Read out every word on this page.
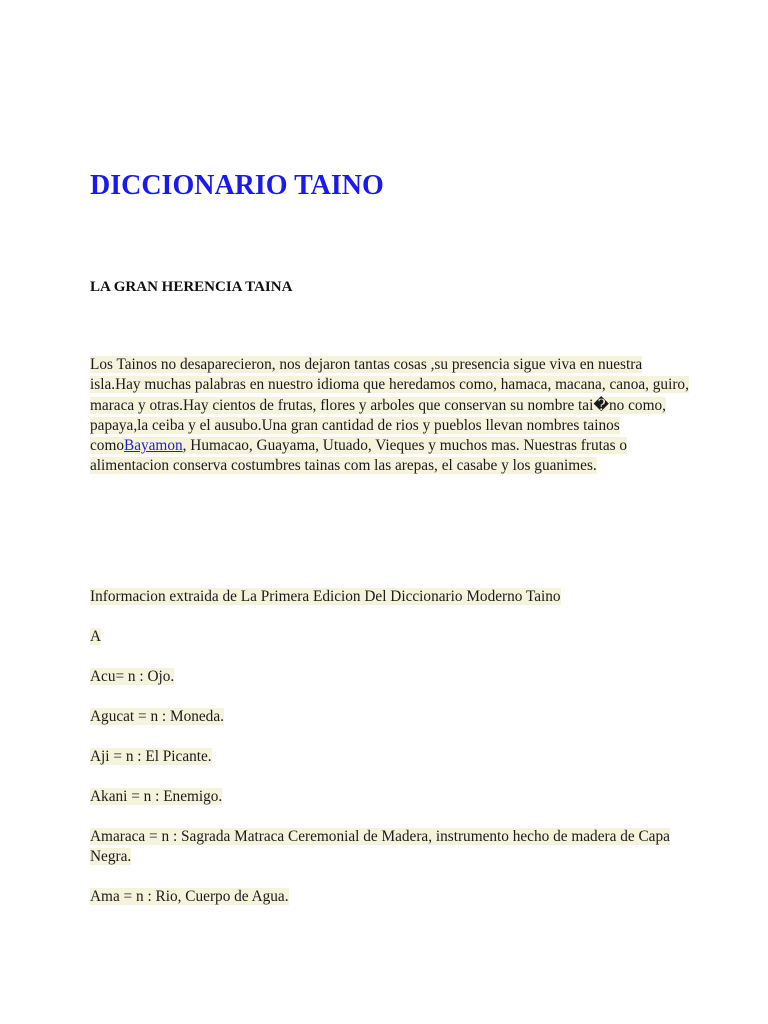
DICCIONARIO TAINO

LA GRAN HERENCIA TAINA

Los Tainos no desaparecieron, nos dejaron tantas cosas ,su presencia sigue viva en nuestra isla.Hay muchas palabras en nuestro idioma que heredamos como, hamaca, macana, canoa, guiro, maraca y otras.Hay cientos de frutas, flores y arboles que conservan su nombre tai�no como, papaya,la ceiba y el ausubo.Una gran cantidad de rios y pueblos llevan nombres tainos comoBayamon, Humacao, Guayama, Utuado, Vieques y muchos mas. Nuestras frutas o alimentacion conserva costumbres tainas com las arepas, el casabe y los guanimes.

Informacion extraida de La Primera Edicion Del Diccionario Moderno Taino

A

Acu= n : Ojo.

Agucat = n : Moneda.

Aji = n : El Picante.

Akani = n : Enemigo.

Amaraca = n : Sagrada Matraca Ceremonial de Madera, instrumento hecho de madera de Capa Negra.

Ama = n : Rio, Cuerpo de Agua.
